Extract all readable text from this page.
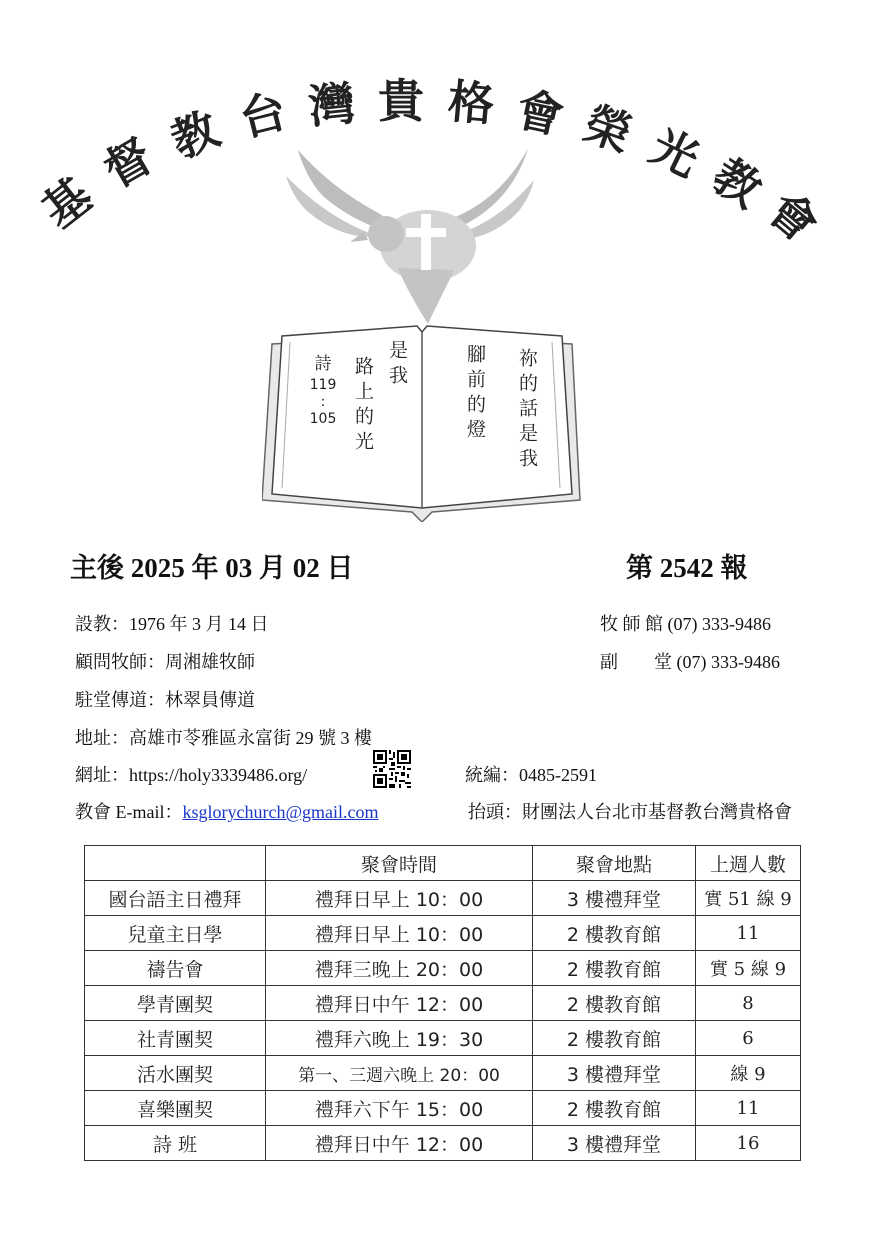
基
督 教 台 灣 貴 格 會 榮 光
教
會
祢的話是我
腳前的燈
是我
路上的光
詩
119
:
105
主後 2025 年 03 月 02 日	第 2542 報
設教：1976 年 3 月 14 日
顧問牧師：周湘雄牧師
駐堂傳道：林翠員傳道
地址：高雄市苓雅區永富街 29 號 3 樓
網址：https://holy3339486.org/
教會 E-mail：ksglorychurch@gmail.com
牧 師 館 (07) 333-9486
副　　堂 (07) 333-9486
統編：0485-2591
抬頭：財團法人台北市基督教台灣貴格會
	聚會時間	聚會地點	上週人數
國台語主日禮拜	禮拜日早上 10：00	3 樓禮拜堂	實 51 線 9
兒童主日學	禮拜日早上 10：00	2 樓教育館	11
禱告會	禮拜三晚上 20：00	2 樓教育館	實 5 線 9
學青團契	禮拜日中午 12：00	2 樓教育館	8
社青團契	禮拜六晚上 19：30	2 樓教育館	6
活水團契	第一、三週六晚上 20：00	3 樓禮拜堂	線 9
喜樂團契	禮拜六下午 15：00	2 樓教育館	11
詩 班	禮拜日中午 12：00	3 樓禮拜堂	16
